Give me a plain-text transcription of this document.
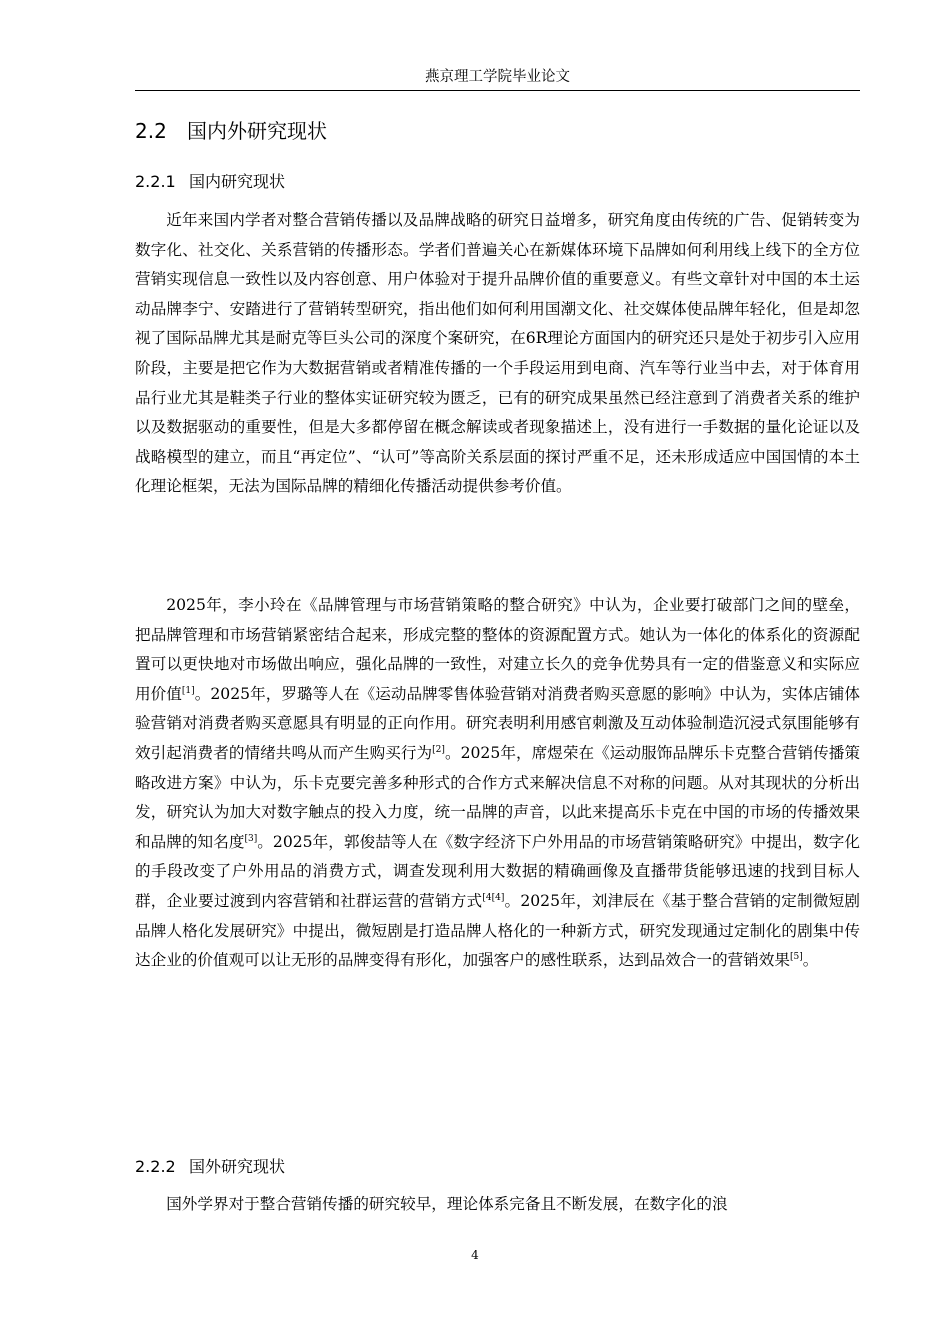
燕京理工学院毕业论文
2.2 国内外研究现状
2.2.1 国内研究现状

近年来国内学者对整合营销传播以及品牌战略的研究日益增多，研究角度由传统的广告、促销转变为数字化、社交化、关系营销的传播形态。学者们普遍关心在新媒体环境下品牌如何利用线上线下的全方位营销实现信息一致性以及内容创意、用户体验对于提升品牌价值的重要意义。有些文章针对中国的本土运动品牌李宁、安踏进行了营销转型研究，指出他们如何利用国潮文化、社交媒体使品牌年轻化，但是却忽视了国际品牌尤其是耐克等巨头公司的深度个案研究，在6R理论方面国内的研究还只是处于初步引入应用阶段，主要是把它作为大数据营销或者精准传播的一个手段运用到电商、汽车等行业当中去，对于体育用品行业尤其是鞋类子行业的整体实证研究较为匮乏，已有的研究成果虽然已经注意到了消费者关系的维护以及数据驱动的重要性，但是大多都停留在概念解读或者现象描述上，没有进行一手数据的量化论证以及战略模型的建立，而且“再定位”、“认可”等高阶关系层面的探讨严重不足，还未形成适应中国国情的本土化理论框架，无法为国际品牌的精细化传播活动提供参考价值。

2025年，李小玲在《品牌管理与市场营销策略的整合研究》中认为，企业要打破部门之间的壁垒，把品牌管理和市场营销紧密结合起来，形成完整的整体的资源配置方式。她认为一体化的体系化的资源配置可以更快地对市场做出响应，强化品牌的一致性，对建立长久的竞争优势具有一定的借鉴意义和实际应用价值[1]。2025年，罗璐等人在《运动品牌零售体验营销对消费者购买意愿的影响》中认为，实体店铺体验营销对消费者购买意愿具有明显的正向作用。研究表明利用感官刺激及互动体验制造沉浸式氛围能够有效引起消费者的情绪共鸣从而产生购买行为[2]。2025年，席煜荣在《运动服饰品牌乐卡克整合营销传播策略改进方案》中认为，乐卡克要完善多种形式的合作方式来解决信息不对称的问题。从对其现状的分析出发，研究认为加大对数字触点的投入力度，统一品牌的声音，以此来提高乐卡克在中国的市场的传播效果和品牌的知名度[3]。2025年，郭俊喆等人在《数字经济下户外用品的市场营销策略研究》中提出，数字化的手段改变了户外用品的消费方式，调查发现利用大数据的精确画像及直播带货能够迅速的找到目标人群，企业要过渡到内容营销和社群运营的营销方式[4[4]。2025年，刘津辰在《基于整合营销的定制微短剧品牌人格化发展研究》中提出，微短剧是打造品牌人格化的一种新方式，研究发现通过定制化的剧集中传达企业的价值观可以让无形的品牌变得有形化，加强客户的感性联系，达到品效合一的营销效果[5]。

2.2.2 国外研究现状

国外学界对于整合营销传播的研究较早，理论体系完备且不断发展，在数字化的浪

4
